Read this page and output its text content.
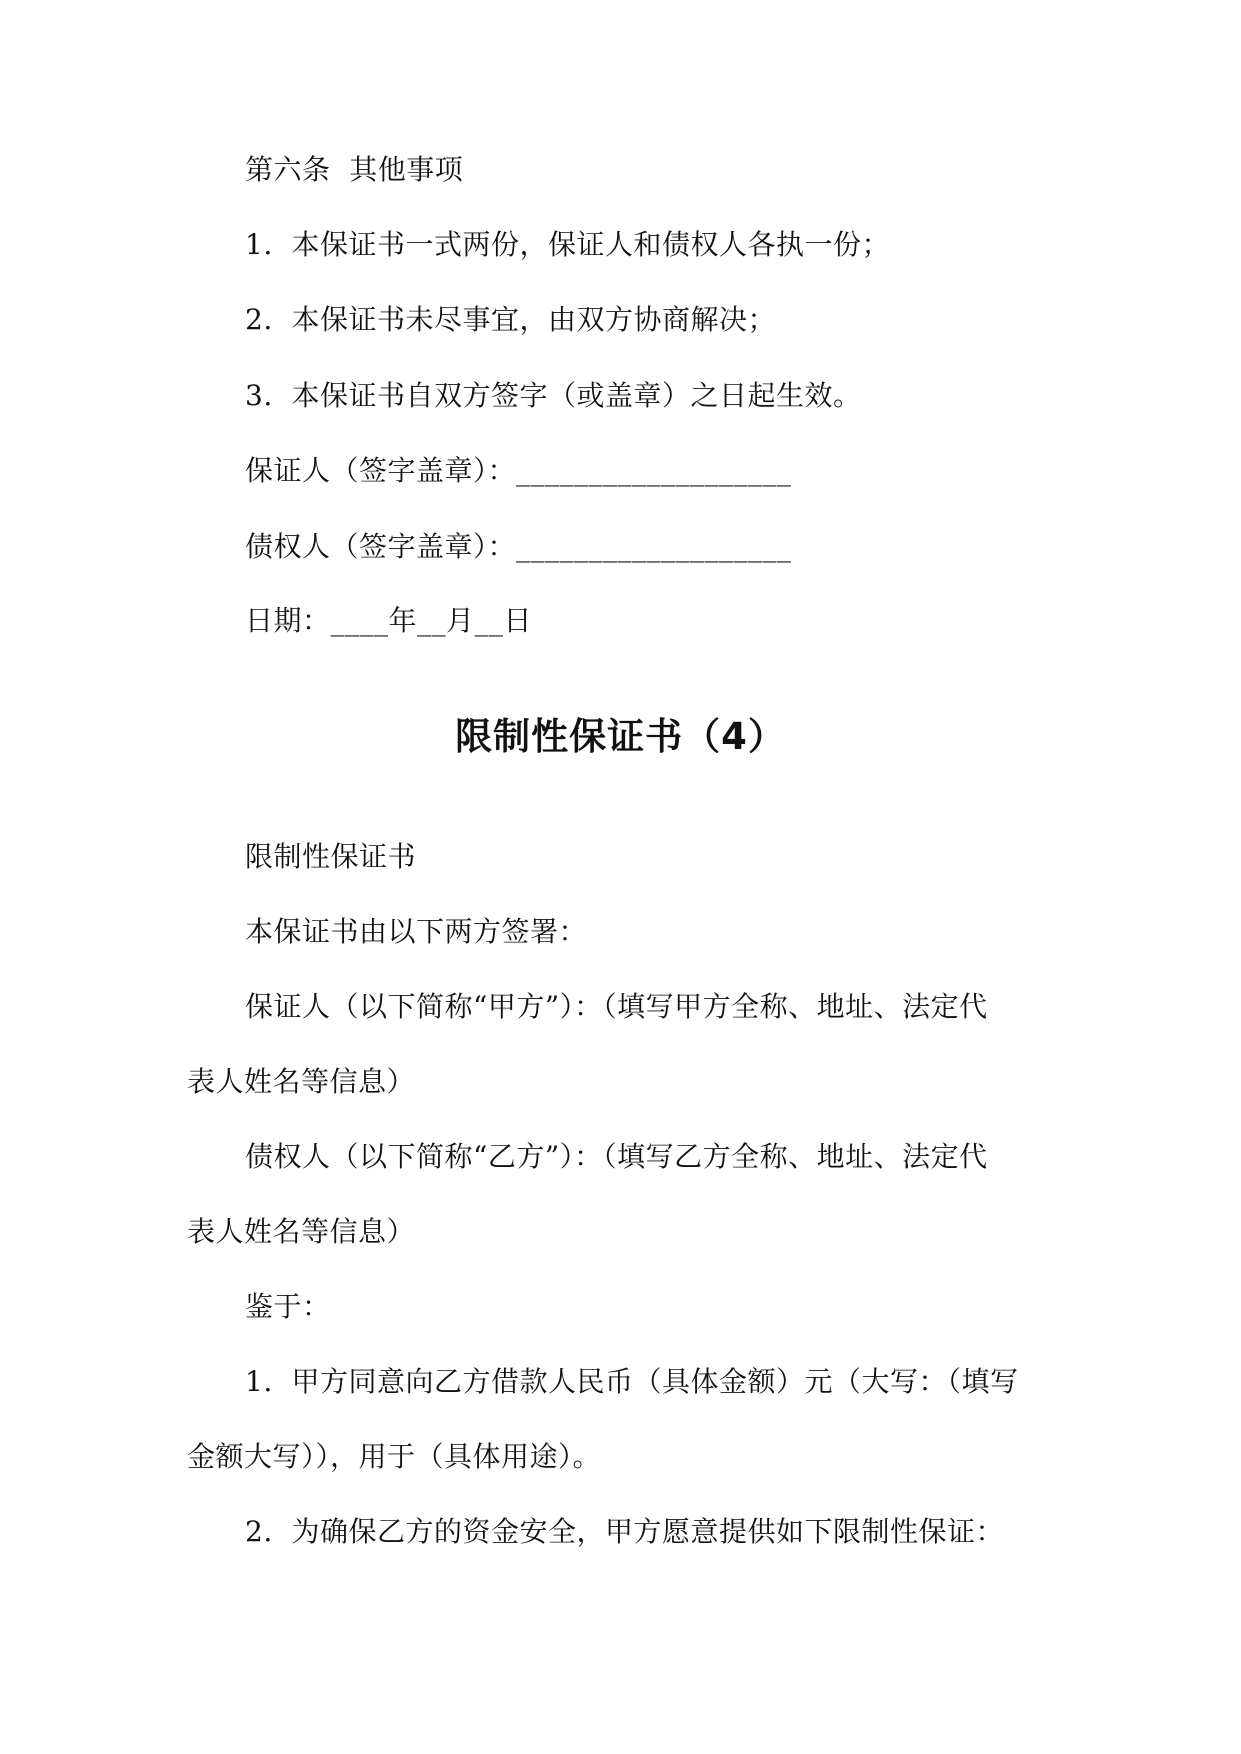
第六条  其他事项
1.  本保证书一式两份，保证人和债权人各执一份；
2.  本保证书未尽事宜，由双方协商解决；
3.  本保证书自双方签字（或盖章）之日起生效。
保证人（签字盖章）：___________________
债权人（签字盖章）：___________________
日期：____年__月__日
限制性保证书（4）
限制性保证书
本保证书由以下两方签署：
保证人（以下简称“甲方”）：（填写甲方全称、地址、法定代
表人姓名等信息）
债权人（以下简称“乙方”）：（填写乙方全称、地址、法定代
表人姓名等信息）
鉴于：
1.  甲方同意向乙方借款人民币（具体金额）元（大写：（填写
金额大写）），用于（具体用途）。
2.  为确保乙方的资金安全，甲方愿意提供如下限制性保证：
